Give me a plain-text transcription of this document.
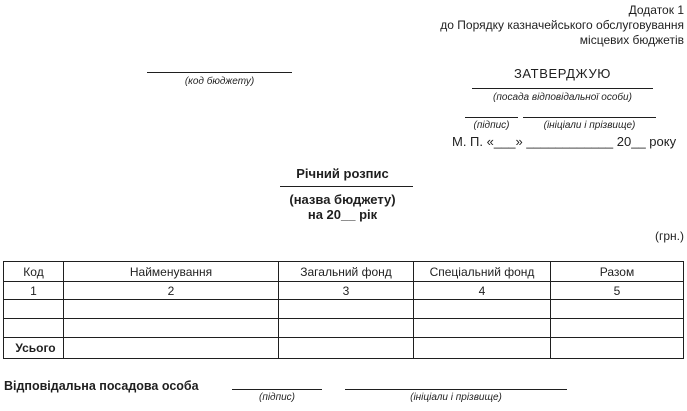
Додаток 1
до Порядку казначейського обслуговування
місцевих бюджетів
(код бюджету)
ЗАТВЕРДЖУЮ
(посада відповідальної особи)
(підпис)	(ініціали і прізвище)
М. П. «___» ____________ 20__ року
Річний розпис
(назва бюджету)
на 20__ рік
(грн.)
Код	Найменування	Загальний фонд	Спеціальний фонд	Разом
1	2	3	4	5

Усього				
Відповідальна посадова особа
(підпис)	(ініціали і прізвище)
